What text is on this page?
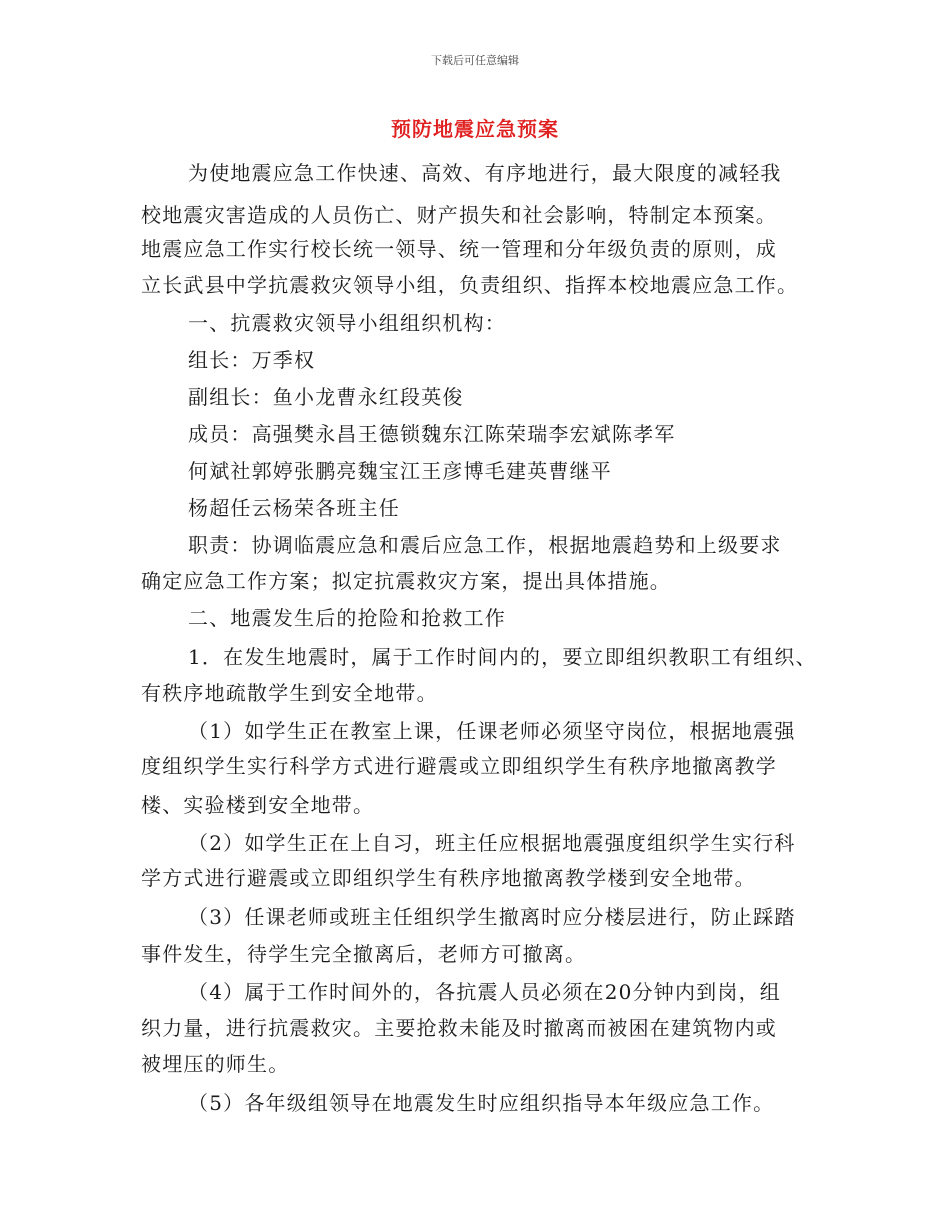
下载后可任意编辑
预防地震应急预案
为使地震应急工作快速、高效、有序地进行，最大限度的减轻我
校地震灾害造成的人员伤亡、财产损失和社会影响，特制定本预案。
地震应急工作实行校长统一领导、统一管理和分年级负责的原则，成
立长武县中学抗震救灾领导小组，负责组织、指挥本校地震应急工作。
一、抗震救灾领导小组组织机构：
组长：万季权
副组长：鱼小龙曹永红段英俊
成员：高强樊永昌王德锁魏东江陈荣瑞李宏斌陈孝军
何斌社郭婷张鹏亮魏宝江王彦博毛建英曹继平
杨超任云杨荣各班主任
职责：协调临震应急和震后应急工作，根据地震趋势和上级要求
确定应急工作方案；拟定抗震救灾方案，提出具体措施。
二、地震发生后的抢险和抢救工作
1．在发生地震时，属于工作时间内的，要立即组织教职工有组织、
有秩序地疏散学生到安全地带。
（1）如学生正在教室上课，任课老师必须坚守岗位，根据地震强
度组织学生实行科学方式进行避震或立即组织学生有秩序地撤离教学
楼、实验楼到安全地带。
（2）如学生正在上自习，班主任应根据地震强度组织学生实行科
学方式进行避震或立即组织学生有秩序地撤离教学楼到安全地带。
（3）任课老师或班主任组织学生撤离时应分楼层进行，防止踩踏
事件发生，待学生完全撤离后，老师方可撤离。
（4）属于工作时间外的，各抗震人员必须在20分钟内到岗，组
织力量，进行抗震救灾。主要抢救未能及时撤离而被困在建筑物内或
被埋压的师生。
（5）各年级组领导在地震发生时应组织指导本年级应急工作。
